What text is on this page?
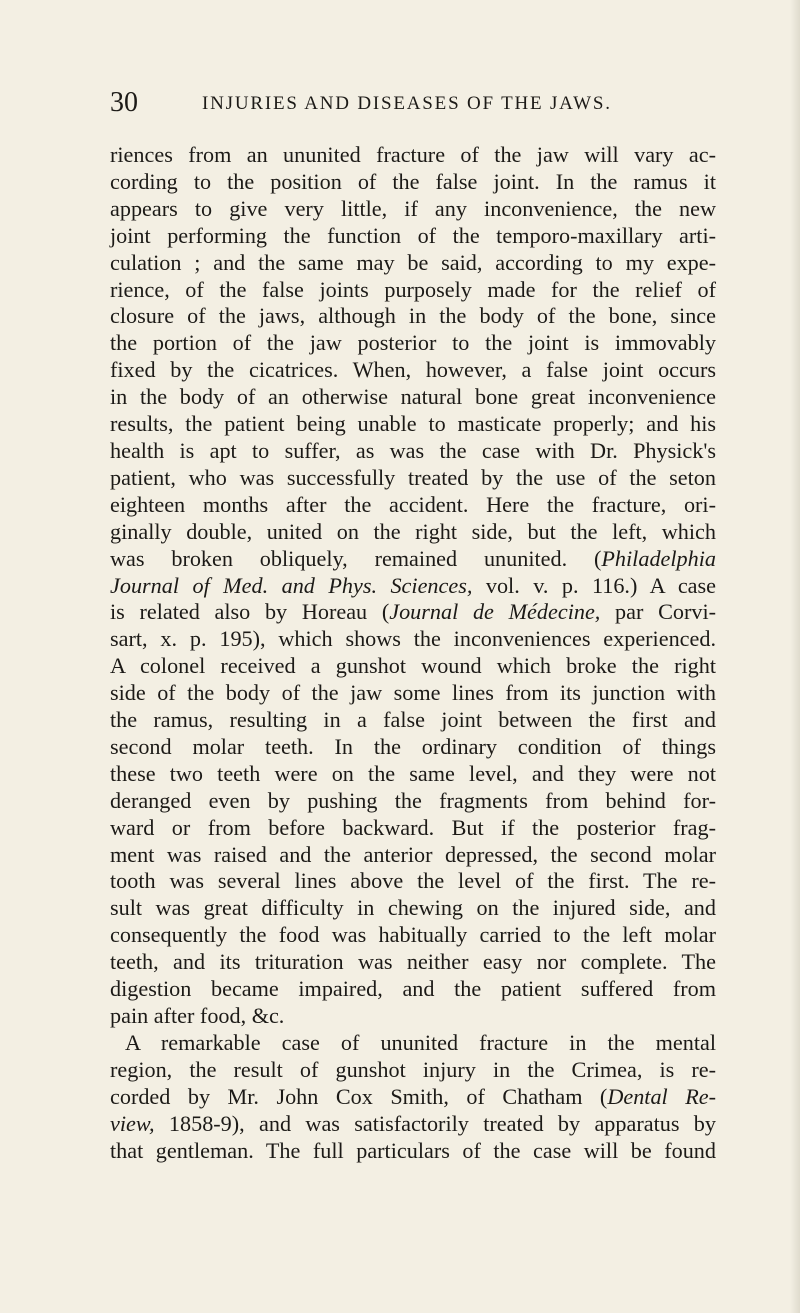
30	INJURIES AND DISEASES OF THE JAWS.
riences from an ununited fracture of the jaw will vary ac-
cording to the position of the false joint. In the ramus it
appears to give very little, if any inconvenience, the new
joint performing the function of the temporo-maxillary arti-
culation ; and the same may be said, according to my expe-
rience, of the false joints purposely made for the relief of
closure of the jaws, although in the body of the bone, since
the portion of the jaw posterior to the joint is immovably
fixed by the cicatrices. When, however, a false joint occurs
in the body of an otherwise natural bone great inconvenience
results, the patient being unable to masticate properly; and his
health is apt to suffer, as was the case with Dr. Physick's
patient, who was successfully treated by the use of the seton
eighteen months after the accident. Here the fracture, ori-
ginally double, united on the right side, but the left, which
was broken obliquely, remained ununited. (Philadelphia
Journal of Med. and Phys. Sciences, vol. v. p. 116.) A case
is related also by Horeau (Journal de Médecine, par Corvi-
sart, x. p. 195), which shows the inconveniences experienced.
A colonel received a gunshot wound which broke the right
side of the body of the jaw some lines from its junction with
the ramus, resulting in a false joint between the first and
second molar teeth. In the ordinary condition of things
these two teeth were on the same level, and they were not
deranged even by pushing the fragments from behind for-
ward or from before backward. But if the posterior frag-
ment was raised and the anterior depressed, the second molar
tooth was several lines above the level of the first. The re-
sult was great difficulty in chewing on the injured side, and
consequently the food was habitually carried to the left molar
teeth, and its trituration was neither easy nor complete. The
digestion became impaired, and the patient suffered from
pain after food, &c.
A remarkable case of ununited fracture in the mental
region, the result of gunshot injury in the Crimea, is re-
corded by Mr. John Cox Smith, of Chatham (Dental Re-
view, 1858-9), and was satisfactorily treated by apparatus by
that gentleman. The full particulars of the case will be found
